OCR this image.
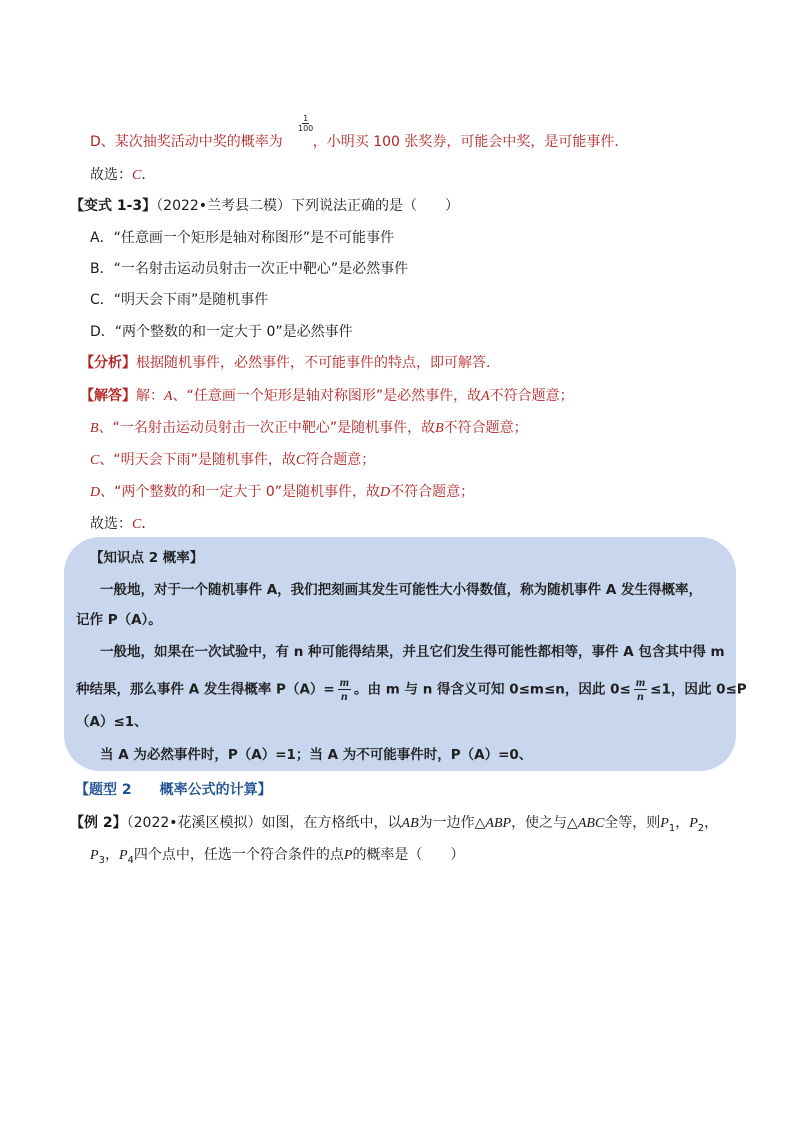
$\frac{1}{100}$
D、某次抽奖活动中奖的概率为 ，小明买 100 张奖券，可能会中奖，是可能事件．
故选：C．
【变式 1-3】（2022•兰考县二模）下列说法正确的是（　　）
A．“任意画一个矩形是轴对称图形”是不可能事件
B．“一名射击运动员射击一次正中靶心”是必然事件
C．“明天会下雨”是随机事件
D．“两个整数的和一定大于 0”是必然事件
【分析】根据随机事件，必然事件，不可能事件的特点，即可解答．
【解答】解：A、“任意画一个矩形是轴对称图形”是必然事件，故A不符合题意；
B、“一名射击运动员射击一次正中靶心”是随机事件，故B不符合题意；
C、“明天会下雨”是随机事件，故C符合题意；
D、“两个整数的和一定大于 0”是随机事件，故D不符合题意；
故选：C．
【知识点 2 概率】
一般地，对于一个随机事件 A，我们把刻画其发生可能性大小得数值，称为随机事件 A 发生得概率，
记作 P（A）。
一般地，如果在一次试验中，有 n 种可能得结果，并且它们发生得可能性都相等，事件 A 包含其中得 m
种结果，那么事件 A 发生得概率 $P(A)= \frac{m}{n}$ 。由 m 与 n 得含义可知 0≤m≤n，因此 $0\le \frac{m}{n} \le 1$，因此 0≤P
（A）≤1、
当 A 为必然事件时，P（A）=1；当 A 为不可能事件时，P（A）=0、
【题型 2　　概率公式的计算】
【例 2】（2022•花溪区模拟）如图，在方格纸中，以AB为一边作△ABP，使之与△ABC全等，则$P_1$，$P_2$，
$P_3$，$P_4$四个点中，任选一个符合条件的点P的概率是（　　）
